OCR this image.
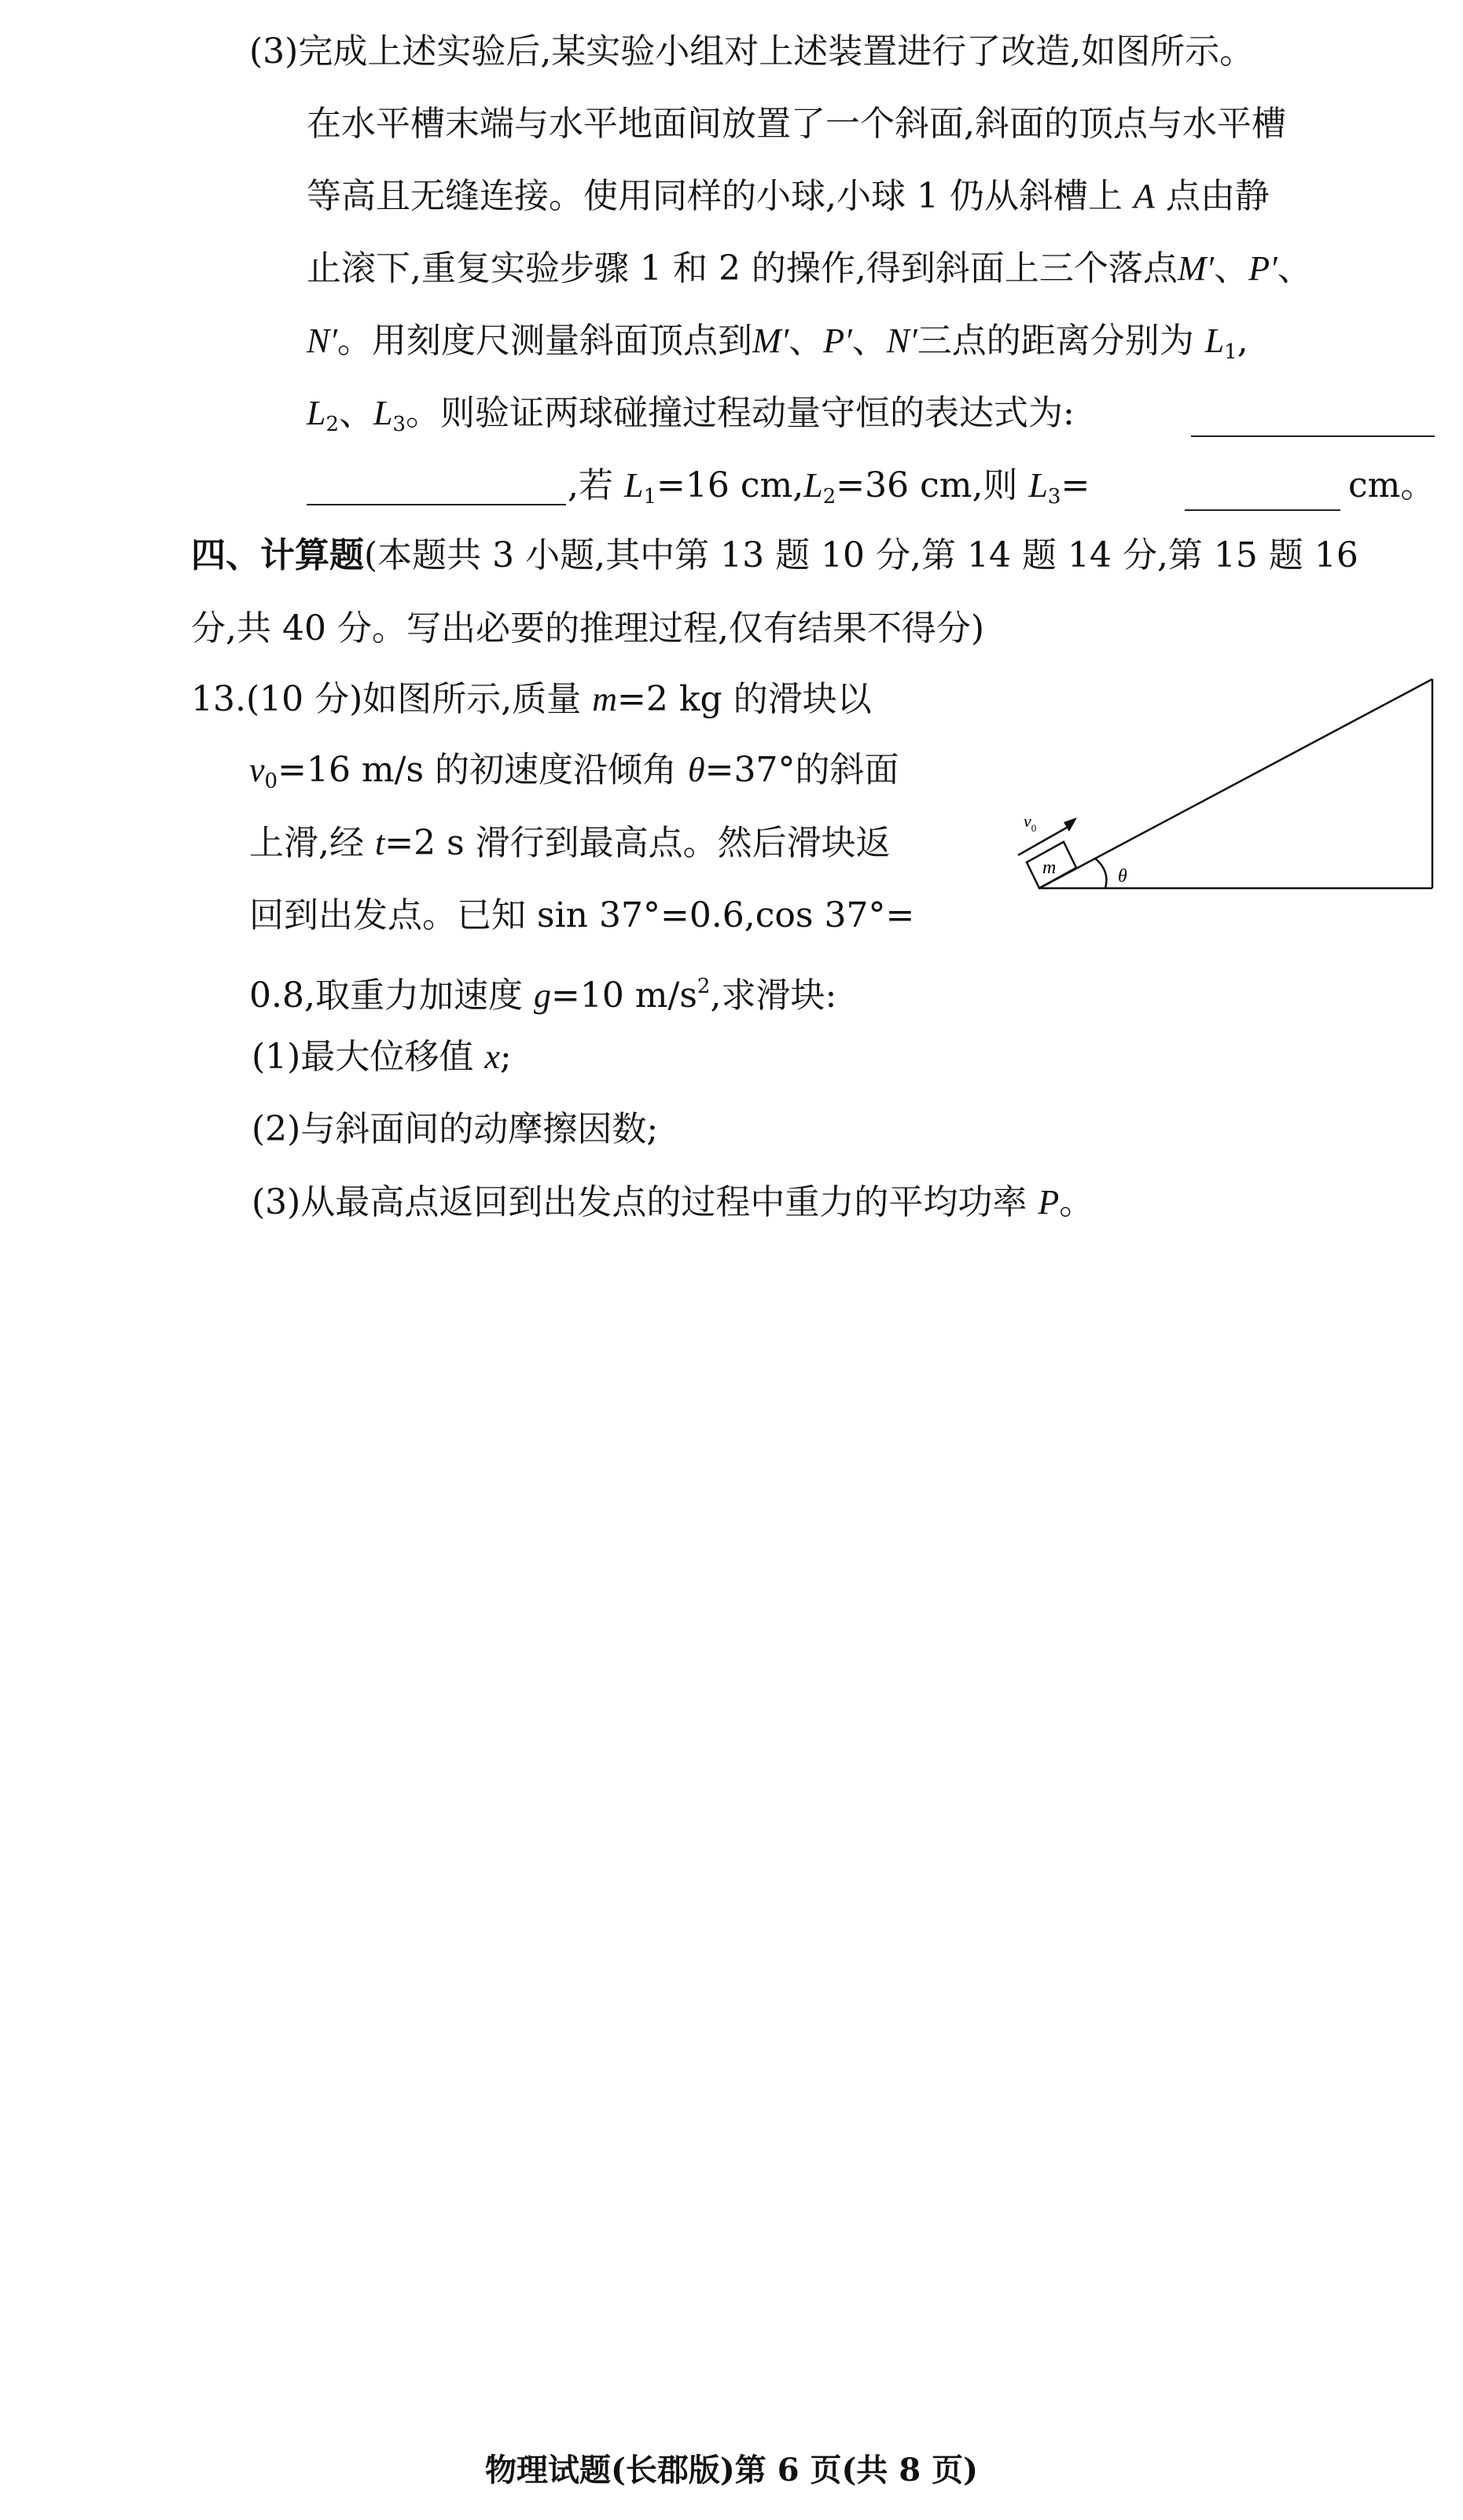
(3)完成上述实验后,某实验小组对上述装置进行了改造,如图所示。
在水平槽末端与水平地面间放置了一个斜面,斜面的顶点与水平槽
等高且无缝连接。使用同样的小球,小球 1 仍从斜槽上 A 点由静
止滚下,重复实验步骤 1 和 2 的操作,得到斜面上三个落点M′、P′、
N′。用刻度尺测量斜面顶点到M′、P′、N′三点的距离分别为 $L_1$,
$L_2$、$L_3$。则验证两球碰撞过程动量守恒的表达式为:
,若 $L_1=16$ $cm,L_2=36$ cm,则 $L_3=$	cm。
四、计算题(本题共 3 小题,其中第 13 题 10 分,第 14 题 14 分,第 15 题 16
分,共 40 分。写出必要的推理过程,仅有结果不得分)
13.(10 分)如图所示,质量 m=2 kg 的滑块以
$v_0=16$ m/s 的初速度沿倾角 θ=37°的斜面
上滑,经 t=2 s 滑行到最高点。然后滑块返
回到出发点。已知 sin 37°=0.6,cos 37°=
0.8,取重力加速度 g=10 $m/s^2$,求滑块:
(1)最大位移值 x;
(2)与斜面间的动摩擦因数;
(3)从最高点返回到出发点的过程中重力的平均功率 P。
m
$v_0$
θ
物理试题(长郡版)第 6 页(共 8 页)
